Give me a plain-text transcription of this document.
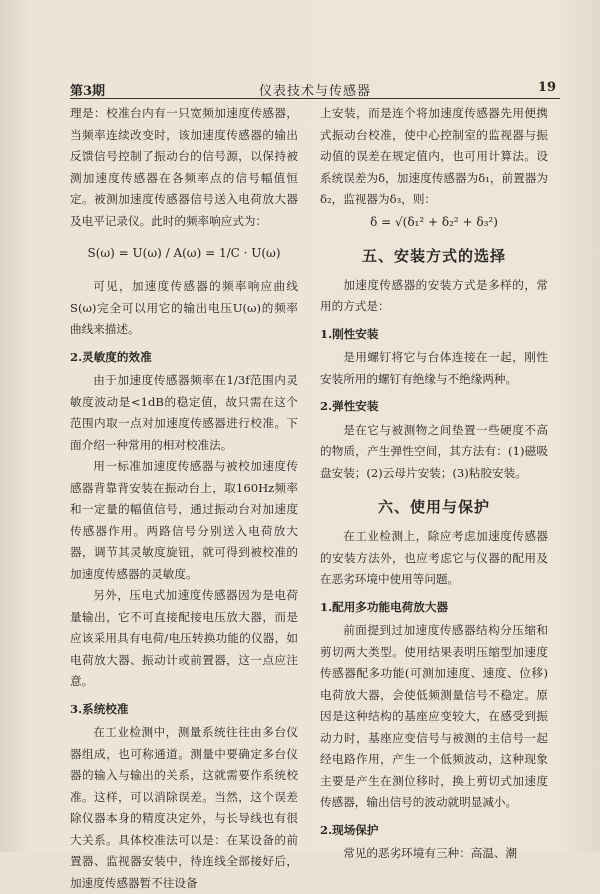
第3期	仪表技术与传感器	19

理是：校准台内有一只宽频加速度传感器，当频率连续改变时，该加速度传感器的输出反馈信号控制了振动台的信号源，以保持被测加速度传感器在各频率点的信号幅值恒定。被测加速度传感器信号送入电荷放大器及电平记录仪。此时的频率响应式为：

S(ω) = U(ω) / A(ω) = 1/C · U(ω)

可见，加速度传感器的频率响应曲线S(ω)完全可以用它的输出电压U(ω)的频率曲线来描述。

2.灵敏度的效准

由于加速度传感器频率在1/3f范围内灵敏度波动是<1dB的稳定值，故只需在这个范围内取一点对加速度传感器进行校准。下面介绍一种常用的相对校准法。

用一标准加速度传感器与被校加速度传感器背靠背安装在振动台上，取160Hz频率和一定量的幅值信号，通过振动台对加速度传感器作用。两路信号分别送入电荷放大器，调节其灵敏度旋钮，就可得到被校准的加速度传感器的灵敏度。

另外，压电式加速度传感器因为是电荷量输出，它不可直接配接电压放大器，而是应该采用具有电荷/电压转换功能的仪器，如电荷放大器、振动计或前置器，这一点应注意。

3.系统校准

在工业检测中，测量系统往往由多台仪器组成，也可称通道。测量中要确定多台仪器的输入与输出的关系，这就需要作系统校准。这样，可以消除误差。当然，这个误差除仪器本身的精度决定外，与长导线也有很大关系。具体校准法可以是：在某设备的前置器、监视器安装中，待连线全部接好后，加速度传感器暂不往设备

上安装，而是连个将加速度传感器先用便携式振动台校准，使中心控制室的监视器与振动值的误差在规定值内，也可用计算法。设系统误差为δ，加速度传感器为δ₁，前置器为δ₂，监视器为δ₃，则：

δ = √(δ₁² + δ₂² + δ₃²)
五、安装方式的选择

加速度传感器的安装方式是多样的，常用的方式是：

1.刚性安装

是用螺钉将它与台体连接在一起，刚性安装所用的螺钉有绝缘与不绝缘两种。

2.弹性安装

是在它与被测物之间垫置一些硬度不高的物质，产生弹性空间，其方法有：(1)磁吸盘安装；(2)云母片安装；(3)粘胶安装。

六、使用与保护

在工业检测上，除应考虑加速度传感器的安装方法外，也应考虑它与仪器的配用及在恶劣环境中使用等问题。

1.配用多功能电荷放大器

前面提到过加速度传感器结构分压缩和剪切两大类型。使用结果表明压缩型加速度传感器配多功能(可测加速度、速度、位移)电荷放大器，会使低频测量信号不稳定。原因是这种结构的基座应变较大，在感受到振动力时，基座应变信号与被测的主信号一起经电路作用，产生一个低频波动，这种现象主要是产生在测位移时，换上剪切式加速度传感器，输出信号的波动就明显减小。

2.现场保护

常见的恶劣环境有三种：高温、潮
